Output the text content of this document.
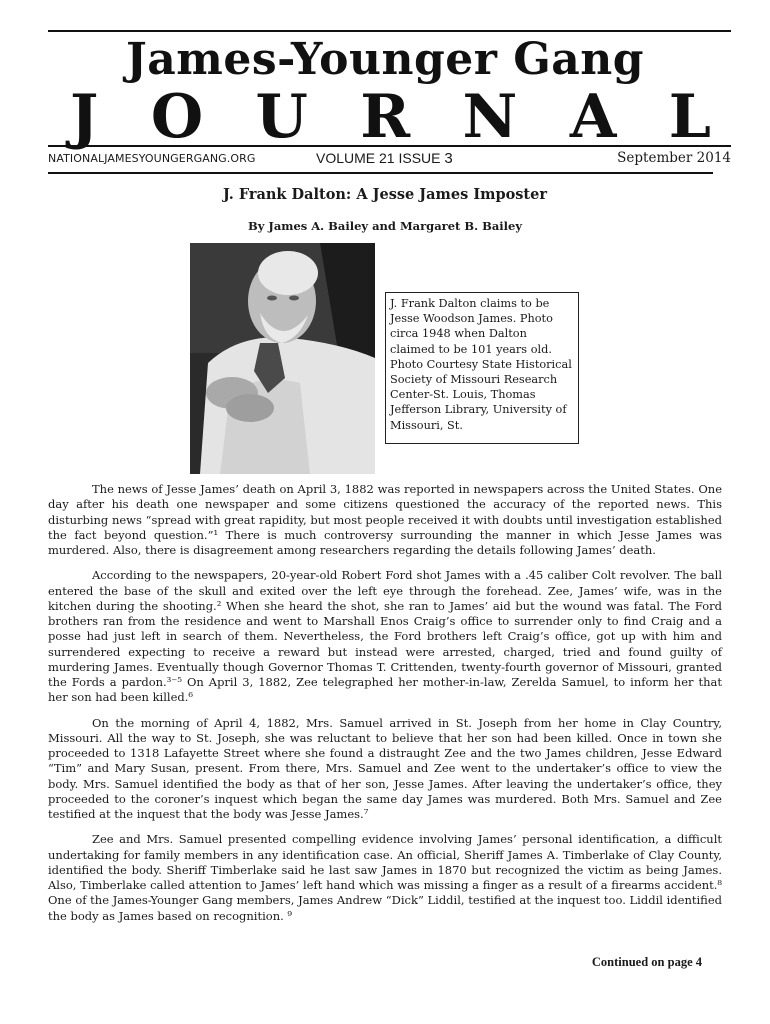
James-Younger Gang
J O U R N A L
NATIONALJAMESYOUNGERGANG.ORG	VOLUME 21 ISSUE 3	September 2014
J. Frank Dalton: A Jesse James Imposter
By James A. Bailey and Margaret B. Bailey
J. Frank Dalton claims to be Jesse Woodson James. Photo circa 1948 when Dalton claimed to be 101 years old. Photo Courtesy State Historical Society of Missouri Research Center-St. Louis, Thomas Jefferson Library, University of Missouri, St.

The news of Jesse James’ death on April 3, 1882 was reported in newspapers across the United States. One day after his death one newspaper and some citizens questioned the accuracy of the reported news. This disturbing news “spread with great rapidity, but most people received it with doubts until investigation established the fact beyond question.”¹ There is much controversy surrounding the manner in which Jesse James was murdered. Also, there is disagreement among researchers regarding the details following James’ death.

According to the newspapers, 20-year-old Robert Ford shot James with a .45 caliber Colt revolver. The ball entered the base of the skull and exited over the left eye through the forehead. Zee, James’ wife, was in the kitchen during the shooting.² When she heard the shot, she ran to James’ aid but the wound was fatal. The Ford brothers ran from the residence and went to Marshall Enos Craig’s office to surrender only to find Craig and a posse had just left in search of them. Nevertheless, the Ford brothers left Craig’s office, got up with him and surrendered expecting to receive a reward but instead were arrested, charged, tried and found guilty of murdering James. Eventually though Governor Thomas T. Crittenden, twenty-fourth governor of Missouri, granted the Fords a pardon.³⁻⁵ On April 3, 1882, Zee telegraphed her mother-in-law, Zerelda Samuel, to inform her that her son had been killed.⁶

On the morning of April 4, 1882, Mrs. Samuel arrived in St. Joseph from her home in Clay Country, Missouri. All the way to St. Joseph, she was reluctant to believe that her son had been killed. Once in town she proceeded to 1318 Lafayette Street where she found a distraught Zee and the two James children, Jesse Edward “Tim” and Mary Susan, present. From there, Mrs. Samuel and Zee went to the undertaker’s office to view the body. Mrs. Samuel identified the body as that of her son, Jesse James. After leaving the undertaker’s office, they proceeded to the coroner’s inquest which began the same day James was murdered. Both Mrs. Samuel and Zee testified at the inquest that the body was Jesse James.⁷

Zee and Mrs. Samuel presented compelling evidence involving James’ personal identification, a difficult undertaking for family members in any identification case. An official, Sheriff James A. Timberlake of Clay County, identified the body. Sheriff Timberlake said he last saw James in 1870 but recognized the victim as being James. Also, Timberlake called attention to James’ left hand which was missing a finger as a result of a firearms accident.⁸ One of the James-Younger Gang members, James Andrew “Dick” Liddil, testified at the inquest too. Liddil identified the body as James based on recognition. ⁹

Continued on page 4
